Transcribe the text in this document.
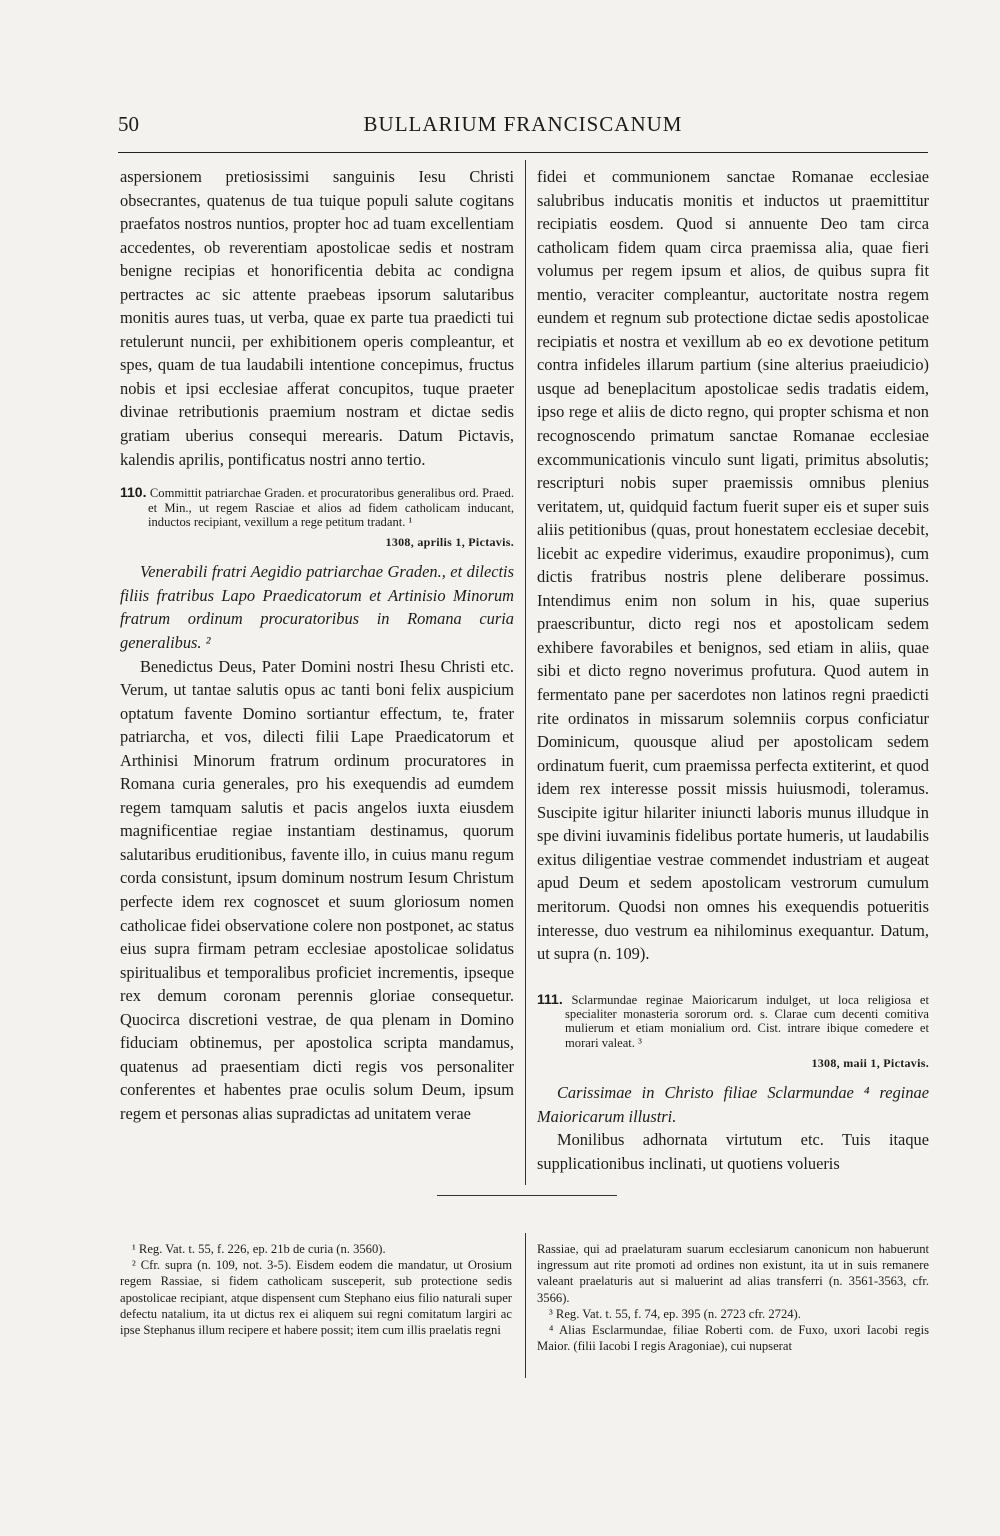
50	BULLARIUM FRANCISCANUM

aspersionem pretiosissimi sanguinis Iesu Christi obsecrantes, quatenus de tua tuique populi salute cogitans praefatos nostros nuntios, propter hoc ad tuam excellentiam accedentes, ob reverentiam apostolicae sedis et nostram benigne recipias et honorificentia debita ac condigna pertractes ac sic attente praebeas ipsorum salutaribus monitis aures tuas, ut verba, quae ex parte tua praedicti tui retulerunt nuncii, per exhibitionem operis compleantur, et spes, quam de tua laudabili intentione concepimus, fructus nobis et ipsi ecclesiae afferat concupitos, tuque praeter divinae retributionis praemium nostram et dictae sedis gratiam uberius consequi merearis. Datum Pictavis, kalendis aprilis, pontificatus nostri anno tertio.

110. Committit patriarchae Graden. et procuratoribus generalibus ord. Praed. et Min., ut regem Rasciae et alios ad fidem catholicam inducant, inductos recipiant, vexillum a rege petitum tradant. ¹

1308, aprilis 1, Pictavis.

Venerabili fratri Aegidio patriarchae Graden., et dilectis filiis fratribus Lapo Praedicatorum et Artinisio Minorum fratrum ordinum procuratoribus in Romana curia generalibus. ²

Benedictus Deus, Pater Domini nostri Ihesu Christi etc. Verum, ut tantae salutis opus ac tanti boni felix auspicium optatum favente Domino sortiantur effectum, te, frater patriarcha, et vos, dilecti filii Lape Praedicatorum et Arthinisi Minorum fratrum ordinum procuratores in Romana curia generales, pro his exequendis ad eumdem regem tamquam salutis et pacis angelos iuxta eiusdem magnificentiae regiae instantiam destinamus, quorum salutaribus eruditionibus, favente illo, in cuius manu regum corda consistunt, ipsum dominum nostrum Iesum Christum perfecte idem rex cognoscet et suum gloriosum nomen catholicae fidei observatione colere non postponet, ac status eius supra firmam petram ecclesiae apostolicae solidatus spiritualibus et temporalibus proficiet incrementis, ipseque rex demum coronam perennis gloriae consequetur. Quocirca discretioni vestrae, de qua plenam in Domino fiduciam obtinemus, per apostolica scripta mandamus, quatenus ad praesentiam dicti regis vos personaliter conferentes et habentes prae oculis solum Deum, ipsum regem et personas alias supradictas ad unitatem verae

fidei et communionem sanctae Romanae ecclesiae salubribus inducatis monitis et inductos ut praemittitur recipiatis eosdem. Quod si annuente Deo tam circa catholicam fidem quam circa praemissa alia, quae fieri volumus per regem ipsum et alios, de quibus supra fit mentio, veraciter compleantur, auctoritate nostra regem eundem et regnum sub protectione dictae sedis apostolicae recipiatis et nostra et vexillum ab eo ex devotione petitum contra infideles illarum partium (sine alterius praeiudicio) usque ad beneplacitum apostolicae sedis tradatis eidem, ipso rege et aliis de dicto regno, qui propter schisma et non recognoscendo primatum sanctae Romanae ecclesiae excommunicationis vinculo sunt ligati, primitus absolutis; rescripturi nobis super praemissis omnibus plenius veritatem, ut, quidquid factum fuerit super eis et super suis aliis petitionibus (quas, prout honestatem ecclesiae decebit, licebit ac expedire viderimus, exaudire proponimus), cum dictis fratribus nostris plene deliberare possimus. Intendimus enim non solum in his, quae superius praescribuntur, dicto regi nos et apostolicam sedem exhibere favorabiles et benignos, sed etiam in aliis, quae sibi et dicto regno noverimus profutura. Quod autem in fermentato pane per sacerdotes non latinos regni praedicti rite ordinatos in missarum solemniis corpus conficiatur Dominicum, quousque aliud per apostolicam sedem ordinatum fuerit, cum praemissa perfecta extiterint, et quod idem rex interesse possit missis huiusmodi, toleramus. Suscipite igitur hilariter iniuncti laboris munus illudque in spe divini iuvaminis fidelibus portate humeris, ut laudabilis exitus diligentiae vestrae commendet industriam et augeat apud Deum et sedem apostolicam vestrorum cumulum meritorum. Quodsi non omnes his exequendis potueritis interesse, duo vestrum ea nihilominus exequantur. Datum, ut supra (n. 109).

111. Sclarmundae reginae Maioricarum indulget, ut loca religiosa et specialiter monasteria sororum ord. s. Clarae cum decenti comitiva mulierum et etiam monialium ord. Cist. intrare ibique comedere et morari valeat. ³

1308, maii 1, Pictavis.

Carissimae in Christo filiae Sclarmundae ⁴ reginae Maioricarum illustri.

Monilibus adhornata virtutum etc. Tuis itaque supplicationibus inclinati, ut quotiens volueris

¹ Reg. Vat. t. 55, f. 226, ep. 21b de curia (n. 3560).

² Cfr. supra (n. 109, not. 3-5). Eisdem eodem die mandatur, ut Orosium regem Rassiae, si fidem catholicam susceperit, sub protectione sedis apostolicae recipiant, atque dispensent cum Stephano eius filio naturali super defectu natalium, ita ut dictus rex ei aliquem sui regni comitatum largiri ac ipse Stephanus illum recipere et habere possit; item cum illis praelatis regni

Rassiae, qui ad praelaturam suarum ecclesiarum canonicum non habuerunt ingressum aut rite promoti ad ordines non existunt, ita ut in suis remanere valeant praelaturis aut si maluerint ad alias transferri (n. 3561-3563, cfr. 3566).

³ Reg. Vat. t. 55, f. 74, ep. 395 (n. 2723 cfr. 2724).

⁴ Alias Esclarmundae, filiae Roberti com. de Fuxo, uxori Iacobi regis Maior. (filii Iacobi I regis Aragoniae), cui nupserat
